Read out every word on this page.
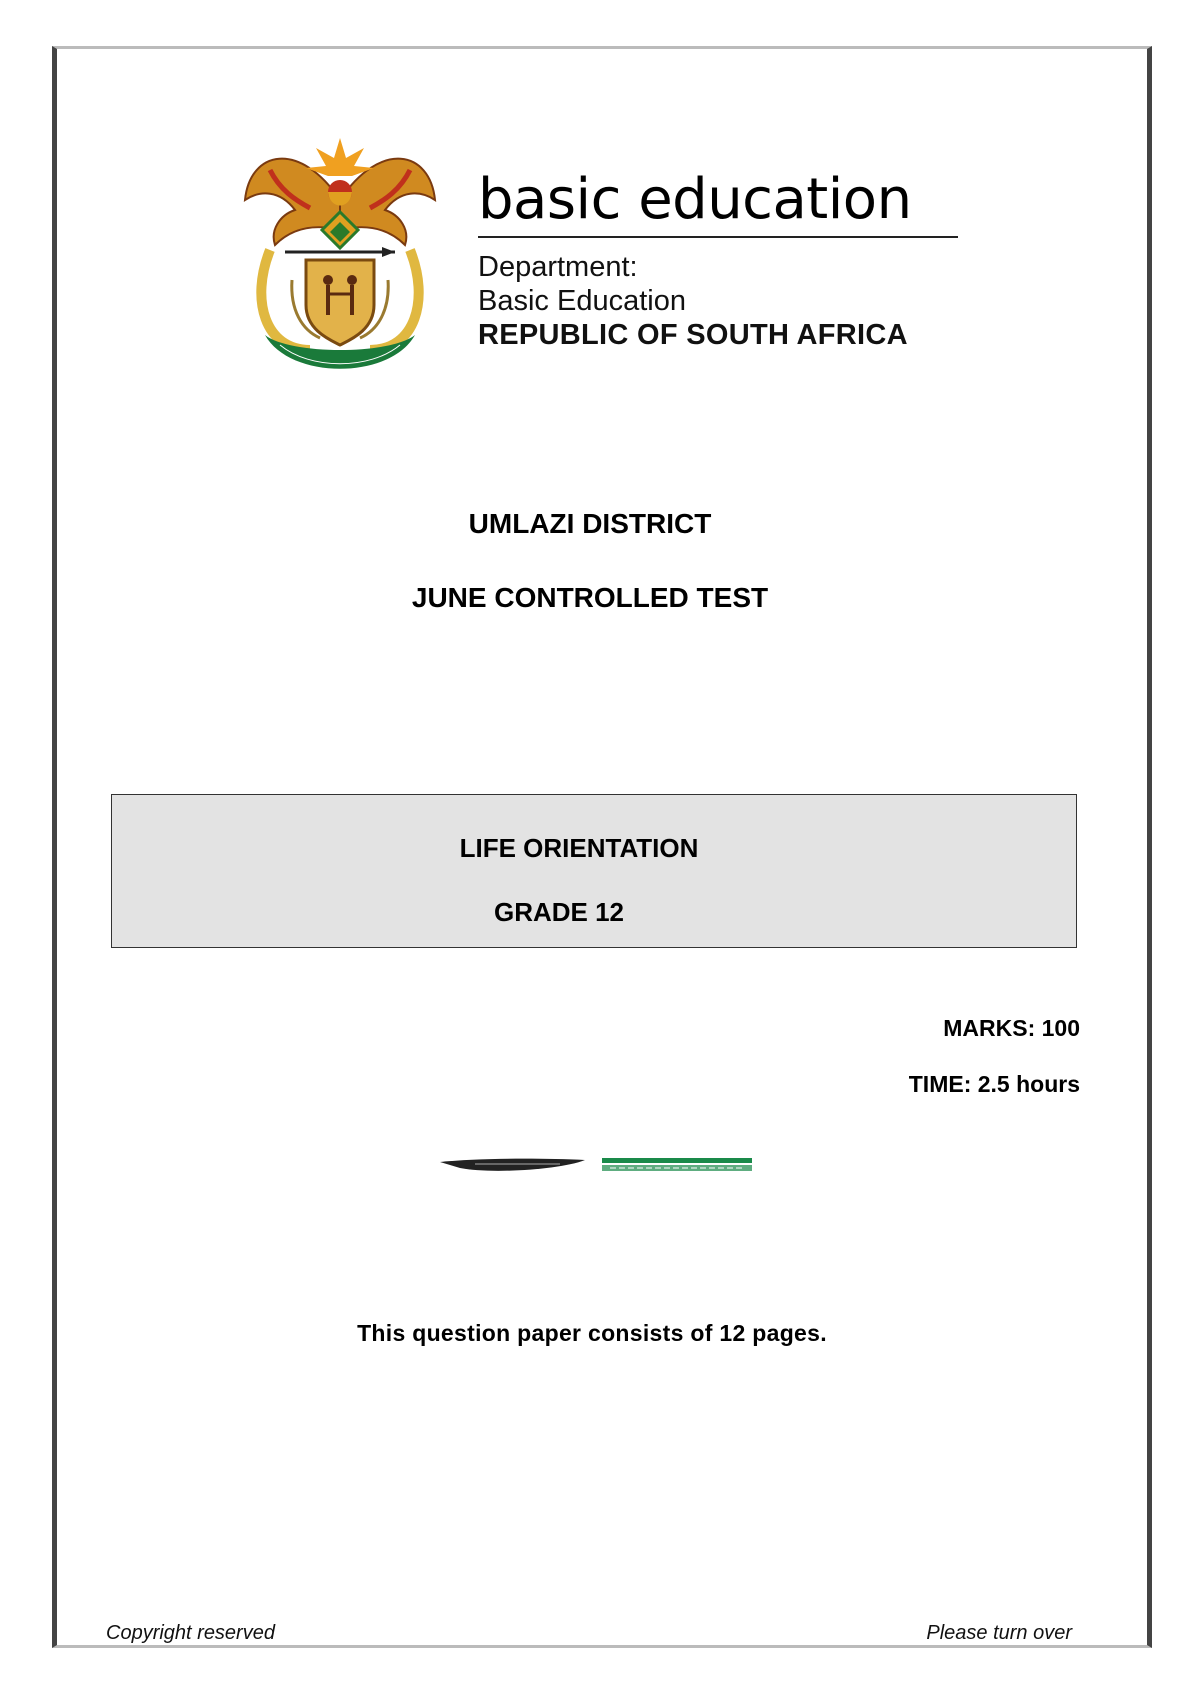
basic education
Department:
Basic Education
REPUBLIC OF SOUTH AFRICA
UMLAZI DISTRICT
JUNE CONTROLLED TEST
LIFE ORIENTATION
GRADE 12
MARKS: 100
TIME: 2.5 hours
This question paper consists of 12 pages.
Copyright reserved	Please turn over
